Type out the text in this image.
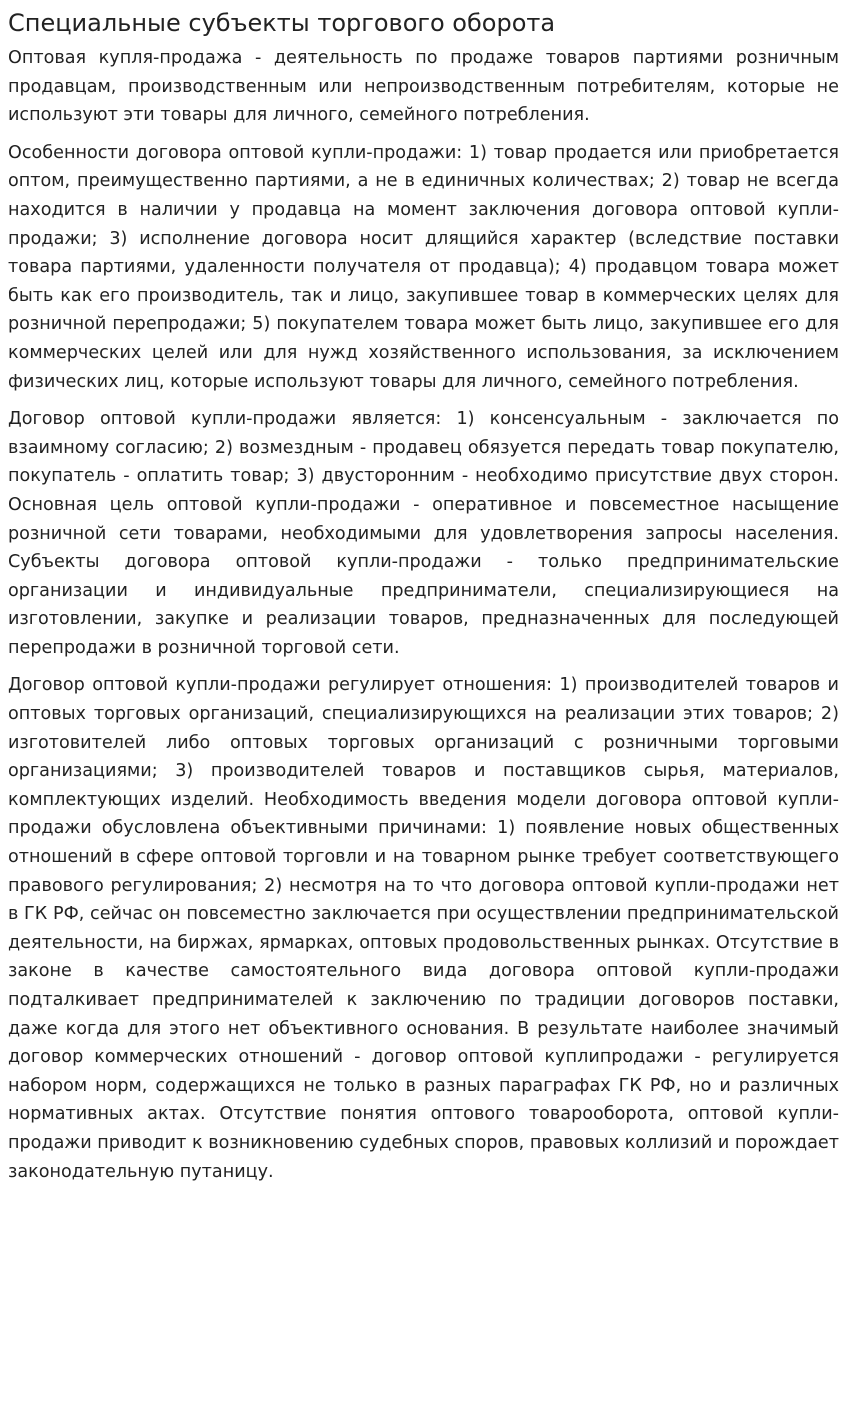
Специальные субъекты торгового оборота

Оптовая купля-продажа - деятельность по продаже товаров партиями розничным продавцам, производственным или непроизводственным потребителям, которые не используют эти товары для личного, семейного потребления.

Особенности договора оптовой купли-продажи: 1) товар продается или приобретается оптом, преимущественно партиями, а не в единичных количествах; 2) товар не всегда находится в наличии у продавца на момент заключения договора оптовой купли-продажи; 3) исполнение договора носит длящийся характер (вследствие поставки товара партиями, удаленности получателя от продавца); 4) продавцом товара может быть как его производитель, так и лицо, закупившее товар в коммерческих целях для розничной перепродажи; 5) покупателем товара может быть лицо, закупившее его для коммерческих целей или для нужд хозяйственного использования, за исключением физических лиц, которые используют товары для личного, семейного потребления.

Договор оптовой купли-продажи является: 1) консенсуальным - заключается по взаимному согласию; 2) возмездным - продавец обязуется передать товар покупателю, покупатель - оплатить товар; 3) двусторонним - необходимо присутствие двух сторон. Основная цель оптовой купли-продажи - оперативное и повсеместное насыщение розничной сети товарами, необходимыми для удовлетворения запросы населения. Субъекты договора оптовой купли-продажи - только предпринимательские организации и индивидуальные предприниматели, специализирующиеся на изготовлении, закупке и реализации товаров, предназначенных для последующей перепродажи в розничной торговой сети.

Договор оптовой купли-продажи регулирует отношения: 1) производителей товаров и оптовых торговых организаций, специализирующихся на реализации этих товаров; 2) изготовителей либо оптовых торговых организаций с розничными торговыми организациями; 3) производителей товаров и поставщиков сырья, материалов, комплектующих изделий. Необходимость введения модели договора оптовой купли-продажи обусловлена объективными причинами: 1) появление новых общественных отношений в сфере оптовой торговли и на товарном рынке требует соответствующего правового регулирования; 2) несмотря на то что договора оптовой купли-продажи нет в ГК РФ, сейчас он повсеместно заключается при осуществлении предпринимательской деятельности, на биржах, ярмарках, оптовых продовольственных рынках. Отсутствие в законе в качестве самостоятельного вида договора оптовой купли-продажи подталкивает предпринимателей к заключению по традиции договоров поставки, даже когда для этого нет объективного основания. В результате наиболее значимый договор коммерческих отношений - договор оптовой куплипродажи - регулируется набором норм, содержащихся не только в разных параграфах ГК РФ, но и различных нормативных актах. Отсутствие понятия оптового товарооборота, оптовой купли-продажи приводит к возникновению судебных споров, правовых коллизий и порождает законодательную путаницу.
